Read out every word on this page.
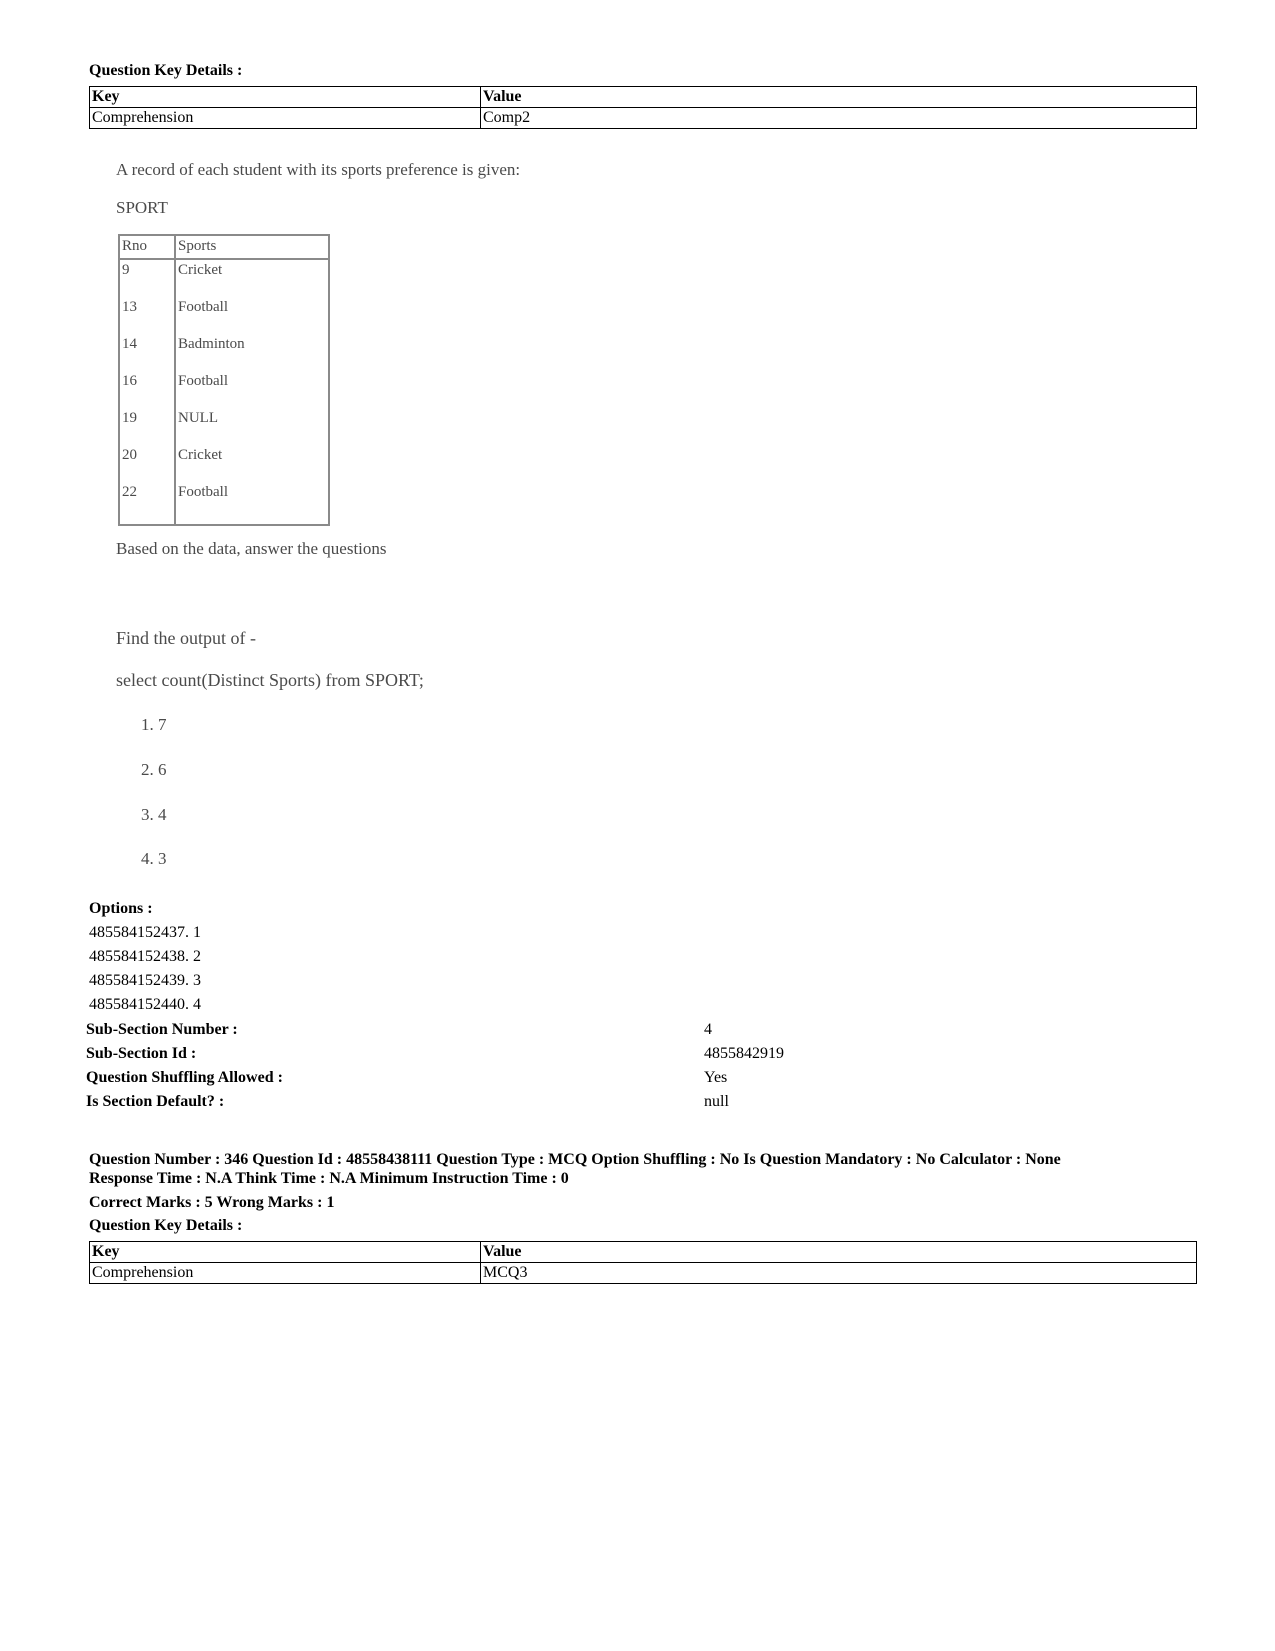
Question Key Details :
Key	Value
Comprehension	Comp2
A record of each student with its sports preference is given:
SPORT
Rno Sports
9	Cricket
13	Football
14	Badminton
16	Football
19	NULL
20	Cricket
22	Football
Based on the data, answer the questions
Find the output of -
select count(Distinct Sports) from SPORT;
1. 7
2. 6
3. 4
4. 3
Options :
485584152437. 1
485584152438. 2
485584152439. 3
485584152440. 4
Sub-Section Number :	4
Sub-Section Id :	4855842919
Question Shuffling Allowed :	Yes
Is Section Default? :	null
Question Number : 346 Question Id : 48558438111 Question Type : MCQ Option Shuffling : No Is Question Mandatory : No Calculator : None
Response Time : N.A Think Time : N.A Minimum Instruction Time : 0
Correct Marks : 5 Wrong Marks : 1
Question Key Details :
Key	Value
Comprehension	MCQ3
